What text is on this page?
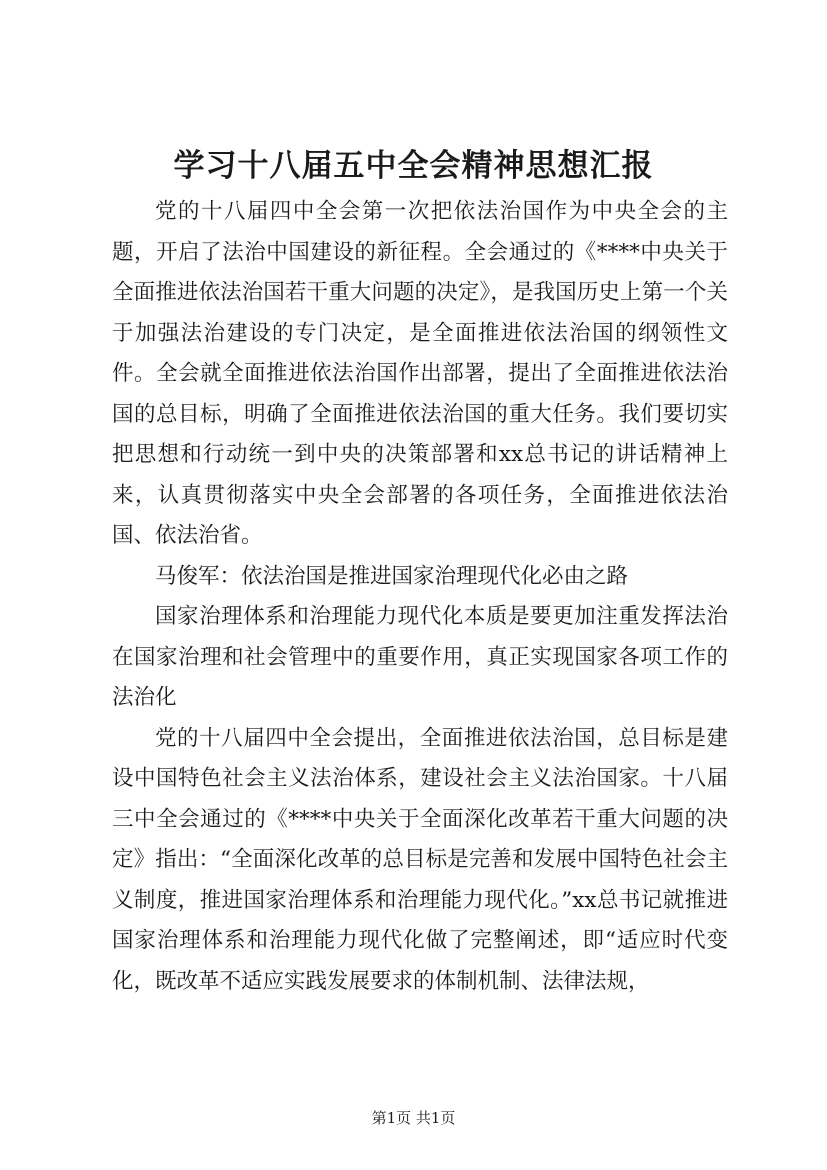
学习十八届五中全会精神思想汇报

党的十八届四中全会第一次把依法治国作为中央全会的主题，开启了法治中国建设的新征程。全会通过的《****中央关于全面推进依法治国若干重大问题的决定》，是我国历史上第一个关于加强法治建设的专门决定，是全面推进依法治国的纲领性文件。全会就全面推进依法治国作出部署，提出了全面推进依法治国的总目标，明确了全面推进依法治国的重大任务。我们要切实把思想和行动统一到中央的决策部署和xx总书记的讲话精神上来，认真贯彻落实中央全会部署的各项任务，全面推进依法治国、依法治省。

马俊军：依法治国是推进国家治理现代化必由之路

国家治理体系和治理能力现代化本质是要更加注重发挥法治在国家治理和社会管理中的重要作用，真正实现国家各项工作的法治化

党的十八届四中全会提出，全面推进依法治国，总目标是建设中国特色社会主义法治体系，建设社会主义法治国家。十八届三中全会通过的《****中央关于全面深化改革若干重大问题的决定》指出：“全面深化改革的总目标是完善和发展中国特色社会主义制度，推进国家治理体系和治理能力现代化。”xx总书记就推进国家治理体系和治理能力现代化做了完整阐述，即“适应时代变化，既改革不适应实践发展要求的体制机制、法律法规，

第1页 共1页
